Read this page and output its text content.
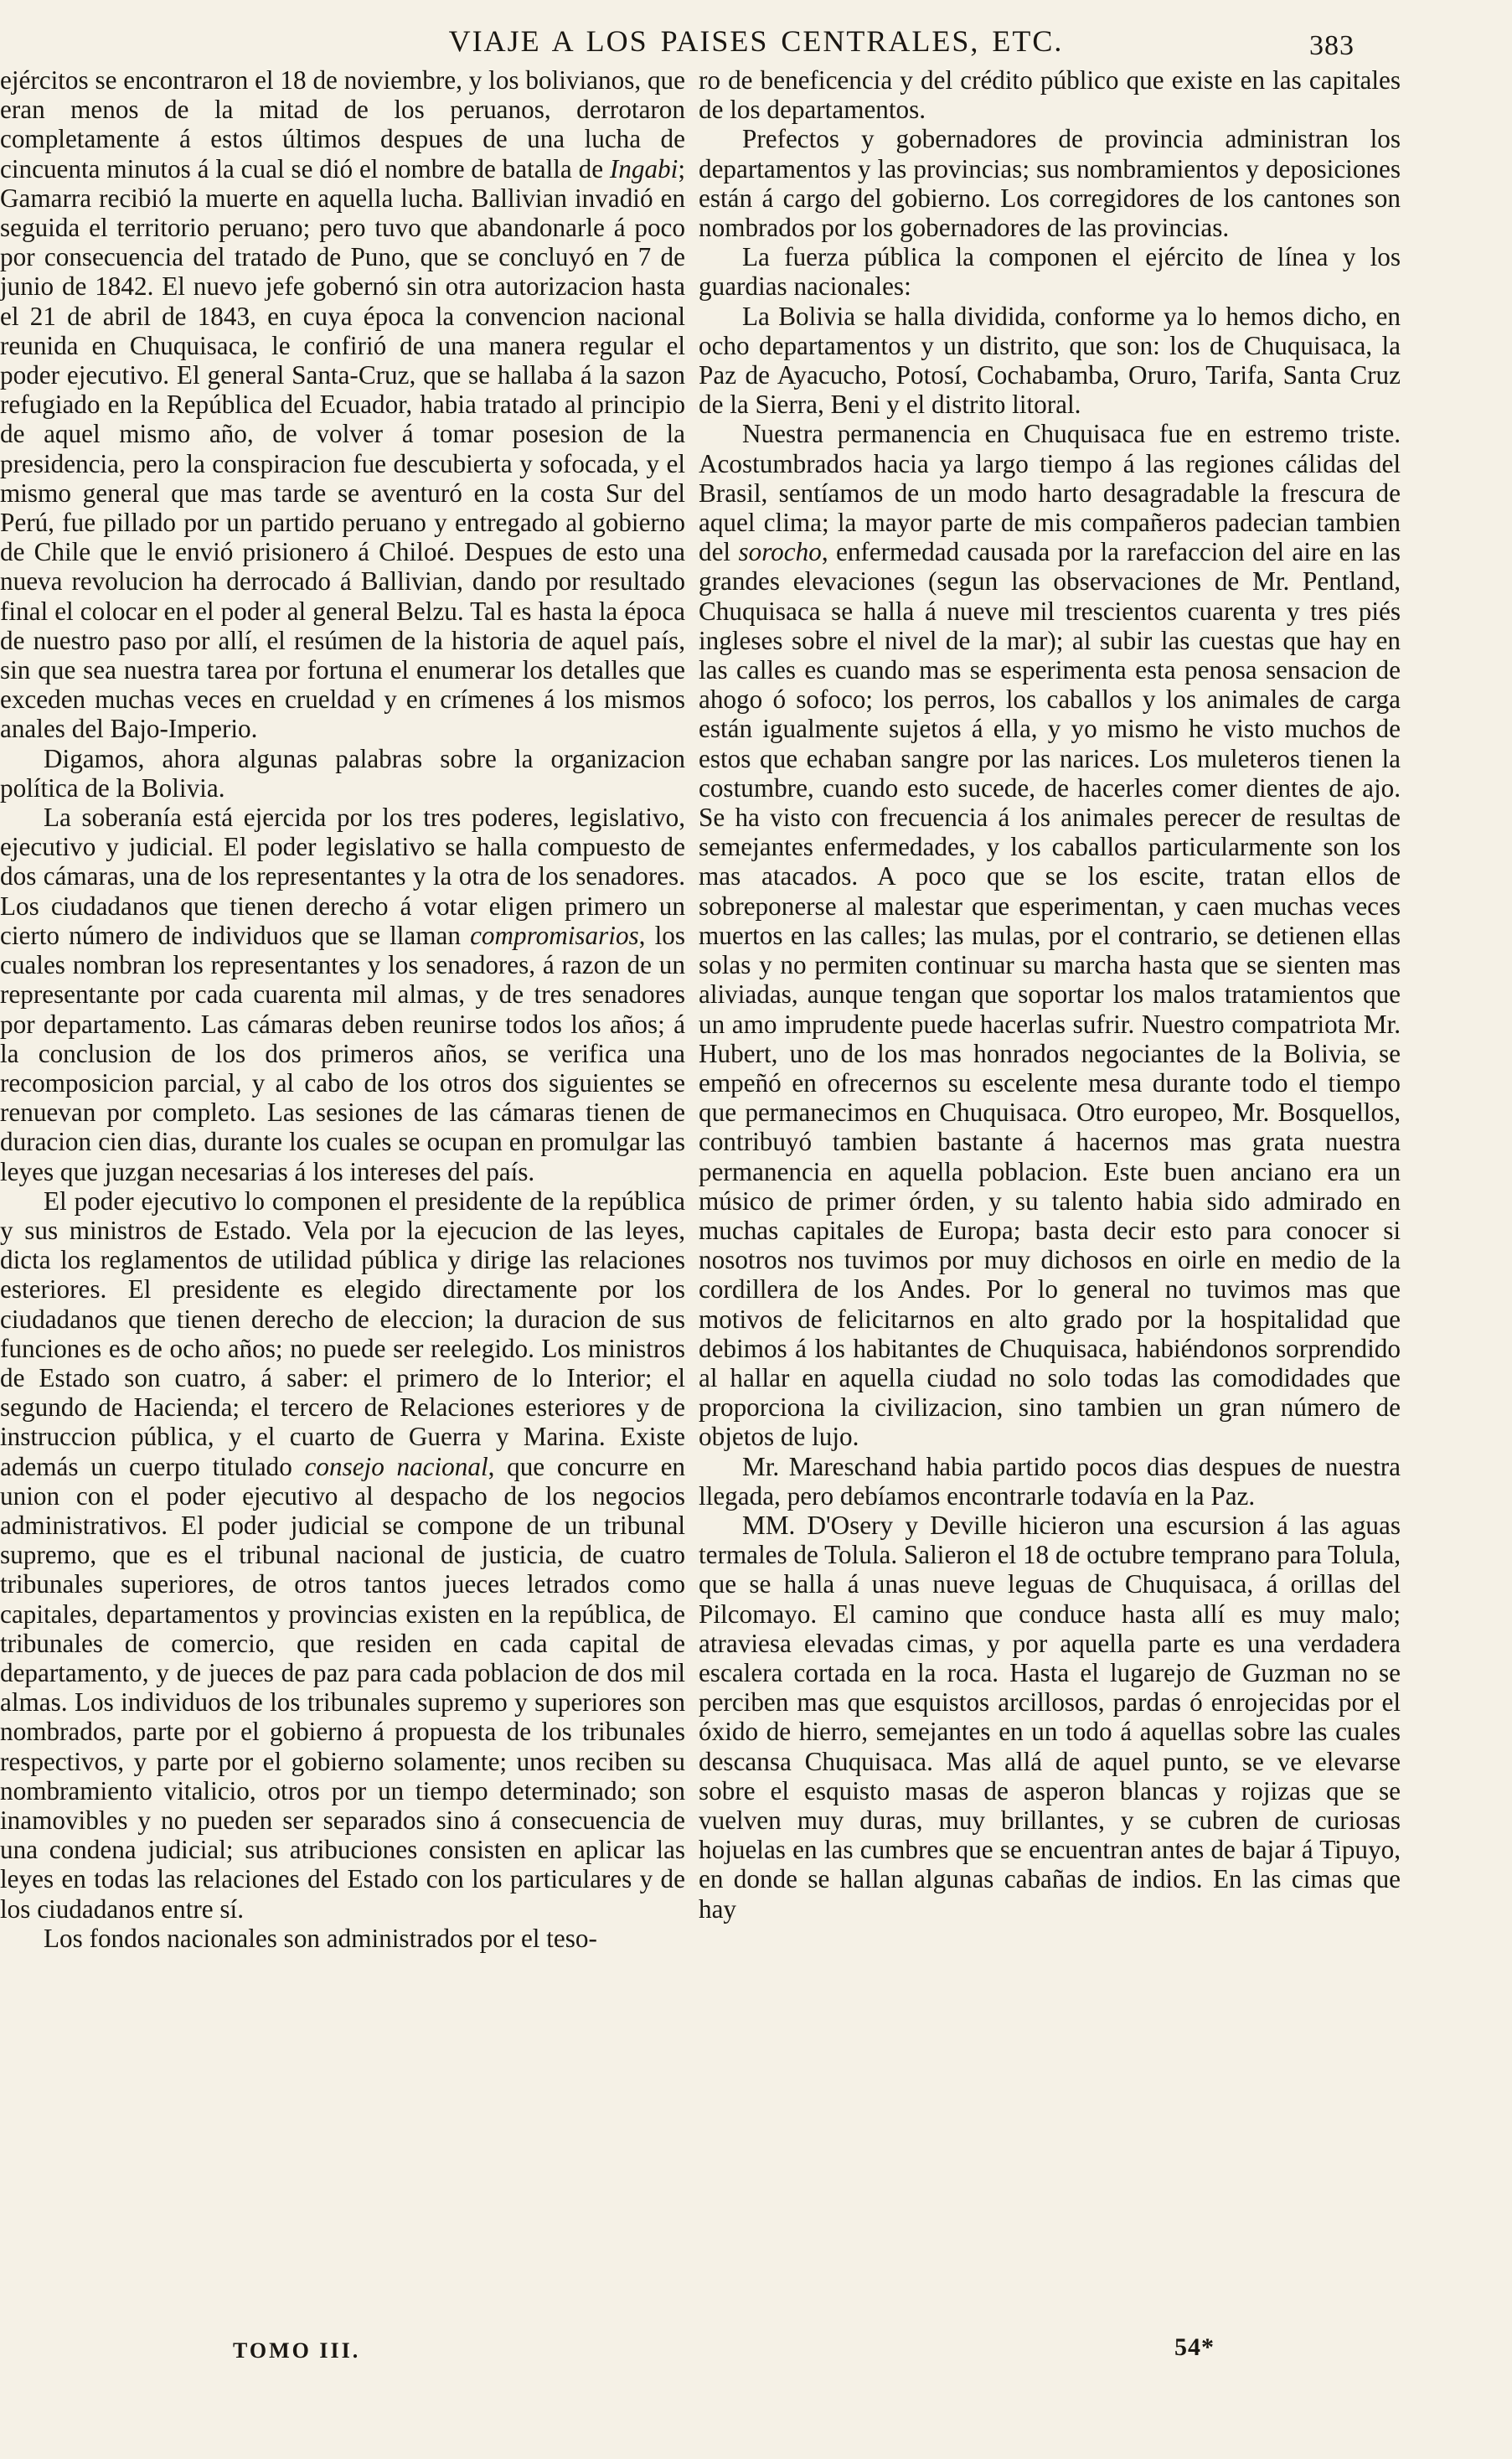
VIAJE A LOS PAISES CENTRALES, ETC.	383

ejércitos se encontraron el 18 de noviembre, y los bolivianos, que eran menos de la mitad de los peruanos, derrotaron completamente á estos últimos despues de una lucha de cincuenta minutos á la cual se dió el nombre de batalla de Ingabi; Gamarra recibió la muerte en aquella lucha. Ballivian invadió en seguida el territorio peruano; pero tuvo que abandonarle á poco por consecuencia del tratado de Puno, que se concluyó en 7 de junio de 1842. El nuevo jefe gobernó sin otra autorizacion hasta el 21 de abril de 1843, en cuya época la convencion nacional reunida en Chuquisaca, le confirió de una manera regular el poder ejecutivo. El general Santa-Cruz, que se hallaba á la sazon refugiado en la República del Ecuador, habia tratado al principio de aquel mismo año, de volver á tomar posesion de la presidencia, pero la conspiracion fue descubierta y sofocada, y el mismo general que mas tarde se aventuró en la costa Sur del Perú, fue pillado por un partido peruano y entregado al gobierno de Chile que le envió prisionero á Chiloé. Despues de esto una nueva revolucion ha derrocado á Ballivian, dando por resultado final el colocar en el poder al general Belzu. Tal es hasta la época de nuestro paso por allí, el resúmen de la historia de aquel país, sin que sea nuestra tarea por fortuna el enumerar los detalles que exceden muchas veces en crueldad y en crímenes á los mismos anales del Bajo-Imperio.

Digamos, ahora algunas palabras sobre la organizacion política de la Bolivia.

La soberanía está ejercida por los tres poderes, legislativo, ejecutivo y judicial. El poder legislativo se halla compuesto de dos cámaras, una de los representantes y la otra de los senadores. Los ciudadanos que tienen derecho á votar eligen primero un cierto número de individuos que se llaman compromisarios, los cuales nombran los representantes y los senadores, á razon de un representante por cada cuarenta mil almas, y de tres senadores por departamento. Las cámaras deben reunirse todos los años; á la conclusion de los dos primeros años, se verifica una recomposicion parcial, y al cabo de los otros dos siguientes se renuevan por completo. Las sesiones de las cámaras tienen de duracion cien dias, durante los cuales se ocupan en promulgar las leyes que juzgan necesarias á los intereses del país.

El poder ejecutivo lo componen el presidente de la república y sus ministros de Estado. Vela por la ejecucion de las leyes, dicta los reglamentos de utilidad pública y dirige las relaciones esteriores. El presidente es elegido directamente por los ciudadanos que tienen derecho de eleccion; la duracion de sus funciones es de ocho años; no puede ser reelegido. Los ministros de Estado son cuatro, á saber: el primero de lo Interior; el segundo de Hacienda; el tercero de Relaciones esteriores y de instruccion pública, y el cuarto de Guerra y Marina. Existe además un cuerpo titulado consejo nacional, que concurre en union con el poder ejecutivo al despacho de los negocios administrativos. El poder judicial se compone de un tribunal supremo, que es el tribunal nacional de justicia, de cuatro tribunales superiores, de otros tantos jueces letrados como capitales, departamentos y provincias existen en la república, de tribunales de comercio, que residen en cada capital de departamento, y de jueces de paz para cada poblacion de dos mil almas. Los individuos de los tribunales supremo y superiores son nombrados, parte por el gobierno á propuesta de los tribunales respectivos, y parte por el gobierno solamente; unos reciben su nombramiento vitalicio, otros por un tiempo determinado; son inamovibles y no pueden ser separados sino á consecuencia de una condena judicial; sus atribuciones consisten en aplicar las leyes en todas las relaciones del Estado con los particulares y de los ciudadanos entre sí.

Los fondos nacionales son administrados por el teso-

ro de beneficencia y del crédito público que existe en las capitales de los departamentos.

Prefectos y gobernadores de provincia administran los departamentos y las provincias; sus nombramientos y deposiciones están á cargo del gobierno. Los corregidores de los cantones son nombrados por los gobernadores de las provincias.

La fuerza pública la componen el ejército de línea y los guardias nacionales:

La Bolivia se halla dividida, conforme ya lo hemos dicho, en ocho departamentos y un distrito, que son: los de Chuquisaca, la Paz de Ayacucho, Potosí, Cochabamba, Oruro, Tarifa, Santa Cruz de la Sierra, Beni y el distrito litoral.

Nuestra permanencia en Chuquisaca fue en estremo triste. Acostumbrados hacia ya largo tiempo á las regiones cálidas del Brasil, sentíamos de un modo harto desagradable la frescura de aquel clima; la mayor parte de mis compañeros padecian tambien del sorocho, enfermedad causada por la rarefaccion del aire en las grandes elevaciones (segun las observaciones de Mr. Pentland, Chuquisaca se halla á nueve mil trescientos cuarenta y tres piés ingleses sobre el nivel de la mar); al subir las cuestas que hay en las calles es cuando mas se esperimenta esta penosa sensacion de ahogo ó sofoco; los perros, los caballos y los animales de carga están igualmente sujetos á ella, y yo mismo he visto muchos de estos que echaban sangre por las narices. Los muleteros tienen la costumbre, cuando esto sucede, de hacerles comer dientes de ajo. Se ha visto con frecuencia á los animales perecer de resultas de semejantes enfermedades, y los caballos particularmente son los mas atacados. A poco que se los escite, tratan ellos de sobreponerse al malestar que esperimentan, y caen muchas veces muertos en las calles; las mulas, por el contrario, se detienen ellas solas y no permiten continuar su marcha hasta que se sienten mas aliviadas, aunque tengan que soportar los malos tratamientos que un amo imprudente puede hacerlas sufrir. Nuestro compatriota Mr. Hubert, uno de los mas honrados negociantes de la Bolivia, se empeñó en ofrecernos su escelente mesa durante todo el tiempo que permanecimos en Chuquisaca. Otro europeo, Mr. Bosquellos, contribuyó tambien bastante á hacernos mas grata nuestra permanencia en aquella poblacion. Este buen anciano era un músico de primer órden, y su talento habia sido admirado en muchas capitales de Europa; basta decir esto para conocer si nosotros nos tuvimos por muy dichosos en oirle en medio de la cordillera de los Andes. Por lo general no tuvimos mas que motivos de felicitarnos en alto grado por la hospitalidad que debimos á los habitantes de Chuquisaca, habiéndonos sorprendido al hallar en aquella ciudad no solo todas las comodidades que proporciona la civilizacion, sino tambien un gran número de objetos de lujo.

Mr. Mareschand habia partido pocos dias despues de nuestra llegada, pero debíamos encontrarle todavía en la Paz.

MM. D'Osery y Deville hicieron una escursion á las aguas termales de Tolula. Salieron el 18 de octubre temprano para Tolula, que se halla á unas nueve leguas de Chuquisaca, á orillas del Pilcomayo. El camino que conduce hasta allí es muy malo; atraviesa elevadas cimas, y por aquella parte es una verdadera escalera cortada en la roca. Hasta el lugarejo de Guzman no se perciben mas que esquistos arcillosos, pardas ó enrojecidas por el óxido de hierro, semejantes en un todo á aquellas sobre las cuales descansa Chuquisaca. Mas allá de aquel punto, se ve elevarse sobre el esquisto masas de asperon blancas y rojizas que se vuelven muy duras, muy brillantes, y se cubren de curiosas hojuelas en las cumbres que se encuentran antes de bajar á Tipuyo, en donde se hallan algunas cabañas de indios. En las cimas que hay

TOMO III.	54*
